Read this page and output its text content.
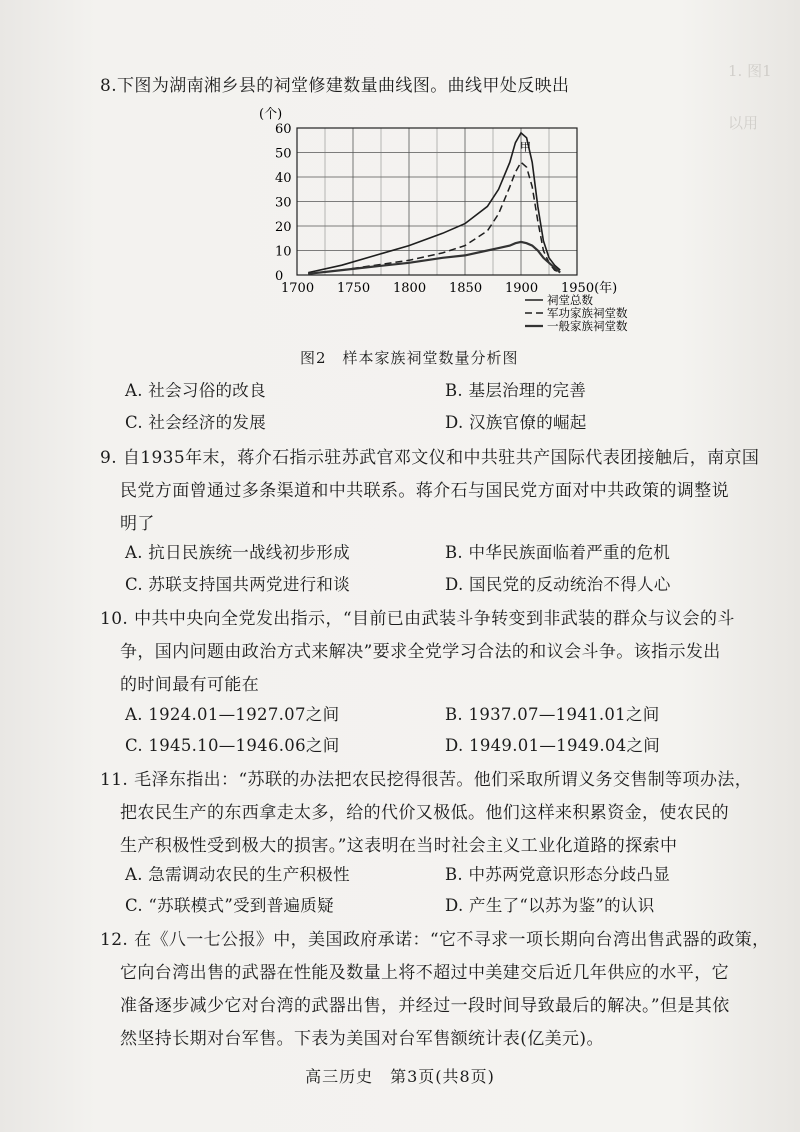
1. 图1
以用
8.下图为湖南湘乡县的祠堂修建数量曲线图。曲线甲处反映出
1700 1750 1800 1850 1900 1950(年)
0
10
20
30
40
50
60
祠堂总数
军功家族祠堂数
一般家族祠堂数
(个)
甲
图2　样本家族祠堂数量分析图
A. 社会习俗的改良	B. 基层治理的完善
C. 社会经济的发展	D. 汉族官僚的崛起
9. 自1935年末，蒋介石指示驻苏武官邓文仪和中共驻共产国际代表团接触后，南京国
民党方面曾通过多条渠道和中共联系。蒋介石与国民党方面对中共政策的调整说
明了
A. 抗日民族统一战线初步形成	B. 中华民族面临着严重的危机
C. 苏联支持国共两党进行和谈	D. 国民党的反动统治不得人心
10. 中共中央向全党发出指示，“目前已由武装斗争转变到非武装的群众与议会的斗
争，国内问题由政治方式来解决”要求全党学习合法的和议会斗争。该指示发出
的时间最有可能在
A. 1924.01—1927.07之间	B. 1937.07—1941.01之间
C. 1945.10—1946.06之间	D. 1949.01—1949.04之间
11. 毛泽东指出：“苏联的办法把农民挖得很苦。他们采取所谓义务交售制等项办法，
把农民生产的东西拿走太多，给的代价又极低。他们这样来积累资金，使农民的
生产积极性受到极大的损害。”这表明在当时社会主义工业化道路的探索中
A. 急需调动农民的生产积极性	B. 中苏两党意识形态分歧凸显
C. “苏联模式”受到普遍质疑	D. 产生了“以苏为鉴”的认识
12. 在《八一七公报》中，美国政府承诺：“它不寻求一项长期向台湾出售武器的政策，
它向台湾出售的武器在性能及数量上将不超过中美建交后近几年供应的水平，它
准备逐步减少它对台湾的武器出售，并经过一段时间导致最后的解决。”但是其依
然坚持长期对台军售。下表为美国对台军售额统计表(亿美元)。
高三历史　第3页(共8页)
